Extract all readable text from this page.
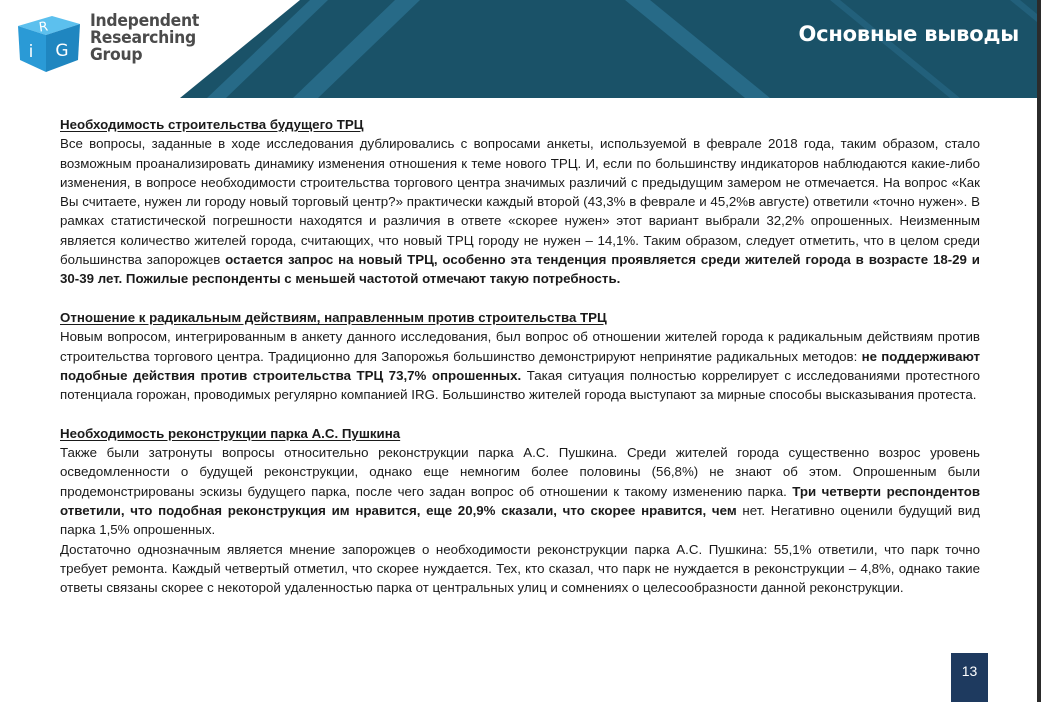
R
i G
Independent
Researching
Group
Основные выводы
Необходимость строительства будущего ТРЦ
Все вопросы, заданные в ходе исследования дублировались с вопросами анкеты, используемой в феврале 2018 года, таким образом, стало возможным проанализировать динамику изменения отношения к теме нового ТРЦ. И, если по большинству индикаторов наблюдаются какие-либо изменения, в вопросе необходимости строительства торгового центра значимых различий с предыдущим замером не отмечается. На вопрос «Как Вы считаете, нужен ли городу новый торговый центр?» практически каждый второй (43,3% в феврале и 45,2%в августе) ответили «точно нужен». В рамках статистической погрешности находятся и различия в ответе «скорее нужен» этот вариант выбрали 32,2% опрошенных. Неизменным является количество жителей города, считающих, что новый ТРЦ городу не нужен – 14,1%. Таким образом, следует отметить, что в целом среди большинства запорожцев остается запрос на новый ТРЦ, особенно эта тенденция проявляется среди жителей города в возрасте 18-29 и 30-39 лет. Пожилые респонденты с меньшей частотой отмечают такую потребность.
Отношение к радикальным действиям, направленным против строительства ТРЦ
Новым вопросом, интегрированным в анкету данного исследования, был вопрос об отношении жителей города к радикальным действиям против строительства торгового центра. Традиционно для Запорожья большинство демонстрируют непринятие радикальных методов: не поддерживают подобные действия против строительства ТРЦ 73,7% опрошенных. Такая ситуация полностью коррелирует с исследованиями протестного потенциала горожан, проводимых регулярно компанией IRG. Большинство жителей города выступают за мирные способы высказывания протеста.
Необходимость реконструкции парка А.С. Пушкина
Также были затронуты вопросы относительно реконструкции парка А.С. Пушкина. Среди жителей города существенно возрос уровень осведомленности о будущей реконструкции, однако еще немногим более половины (56,8%) не знают об этом. Опрошенным были продемонстрированы эскизы будущего парка, после чего задан вопрос об отношении к такому изменению парка. Три четверти респондентов ответили, что подобная реконструкция им нравится, еще 20,9% сказали, что скорее нравится, чем нет. Негативно оценили будущий вид парка 1,5% опрошенных.
Достаточно однозначным является мнение запорожцев о необходимости реконструкции парка А.С. Пушкина: 55,1% ответили, что парк точно требует ремонта. Каждый четвертый отметил, что скорее нуждается. Тех, кто сказал, что парк не нуждается в реконструкции – 4,8%, однако такие ответы связаны скорее с некоторой удаленностью парка от центральных улиц и сомнениях о целесообразности данной реконструкции.
13
